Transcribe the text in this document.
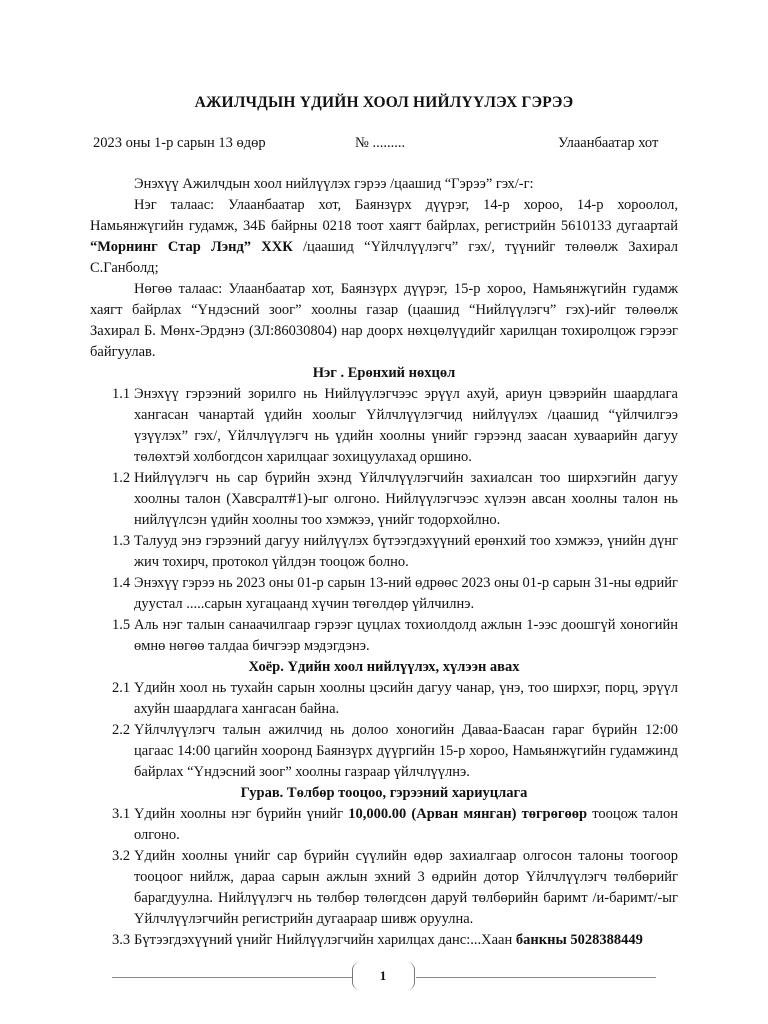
АЖИЛЧДЫН ҮДИЙН ХООЛ НИЙЛҮҮЛЭХ ГЭРЭЭ
2023 оны 1-р сарын 13 өдөр	№ .........	Улаанбаатар хот

Энэхүү Ажилчдын хоол нийлүүлэх гэрээ /цаашид “Гэрээ” гэх/-г:

Нэг талаас: Улаанбаатар хот, Баянзүрх дүүрэг, 14-р хороо, 14-р хороолол, Намьянжүгийн гудамж, 34Б байрны 0218 тоот хаягт байрлах, регистрийн 5610133 дугаартай “Морнинг Стар Лэнд” ХХК /цаашид “Үйлчлүүлэгч” гэх/, түүнийг төлөөлж Захирал С.Ганболд;

Нөгөө талаас: Улаанбаатар хот, Баянзүрх дүүрэг, 15-р хороо, Намьянжүгийн гудамж хаягт байрлах “Үндэсний зоог” хоолны газар (цаашид “Нийлүүлэгч” гэх)-ийг төлөөлж Захирал Б. Мөнх-Эрдэнэ (ЗЛ:86030804) нар доорх нөхцөлүүдийг харилцан тохиролцож гэрээг байгуулав.

Нэг . Ерөнхий нөхцөл

1.1 Энэхүү гэрээний зорилго нь Нийлүүлэгчээс эрүүл ахуй, ариун цэвэрийн шаардлага хангасан чанартай үдийн хоолыг Үйлчлүүлэгчид нийлүүлэх /цаашид “үйлчилгээ үзүүлэх” гэх/, Үйлчлүүлэгч нь үдийн хоолны үнийг гэрээнд заасан хуваарийн дагуу төлөхтэй холбогдсон харилцааг зохицуулахад оршино.
1.2 Нийлүүлэгч нь сар бүрийн эхэнд Үйлчлүүлэгчийн захиалсан тоо ширхэгийн дагуу хоолны талон (Хавсралт#1)-ыг олгоно. Нийлүүлэгчээс хүлээн авсан хоолны талон нь нийлүүлсэн үдийн хоолны тоо хэмжээ, үнийг тодорхойлно.
1.3 Талууд энэ гэрээний дагуу нийлүүлэх бүтээгдэхүүний ерөнхий тоо хэмжээ, үнийн дүнг жич тохирч, протокол үйлдэн тооцож болно.
1.4 Энэхүү гэрээ нь 2023 оны 01-р сарын 13-ний өдрөөс 2023 оны 01-р сарын 31-ны өдрийг дуустал .....сарын хугацаанд хүчин төгөлдөр үйлчилнэ.
1.5 Аль нэг талын санаачилгаар гэрээг цуцлах тохиолдолд ажлын 1-ээс доошгүй хоногийн өмнө нөгөө талдаа бичгээр мэдэгдэнэ.

Хоёр. Үдийн хоол нийлүүлэх, хүлээн авах

2.1 Үдийн хоол нь тухайн сарын хоолны цэсийн дагуу чанар, үнэ, тоо ширхэг, порц, эрүүл ахуйн шаардлага хангасан байна.
2.2 Үйлчлүүлэгч талын ажилчид нь долоо хоногийн Даваа-Баасан гараг бүрийн 12:00 цагаас 14:00 цагийн хооронд Баянзүрх дүүргийн 15-р хороо, Намьянжүгийн гудамжинд байрлах “Үндэсний зоог” хоолны газраар үйлчлүүлнэ.

Гурав. Төлбөр тооцоо, гэрээний хариуцлага

3.1 Үдийн хоолны нэг бүрийн үнийг 10,000.00 (Арван мянган) төгрөгөөр тооцож талон олгоно.
3.2 Үдийн хоолны үнийг сар бүрийн сүүлийн өдөр захиалгаар олгосон талоны тоогоор тооцоог нийлж, дараа сарын ажлын эхний 3 өдрийн дотор Үйлчлүүлэгч төлбөрийг барагдуулна. Нийлүүлэгч нь төлбөр төлөгдсөн даруй төлбөрийн баримт /и-баримт/-ыг Үйлчлүүлэгчийн регистрийн дугаараар шивж оруулна.
3.3 Бүтээгдэхүүний үнийг Нийлүүлэгчийн харилцах данс:...Хаан банкны 5028388449
1
